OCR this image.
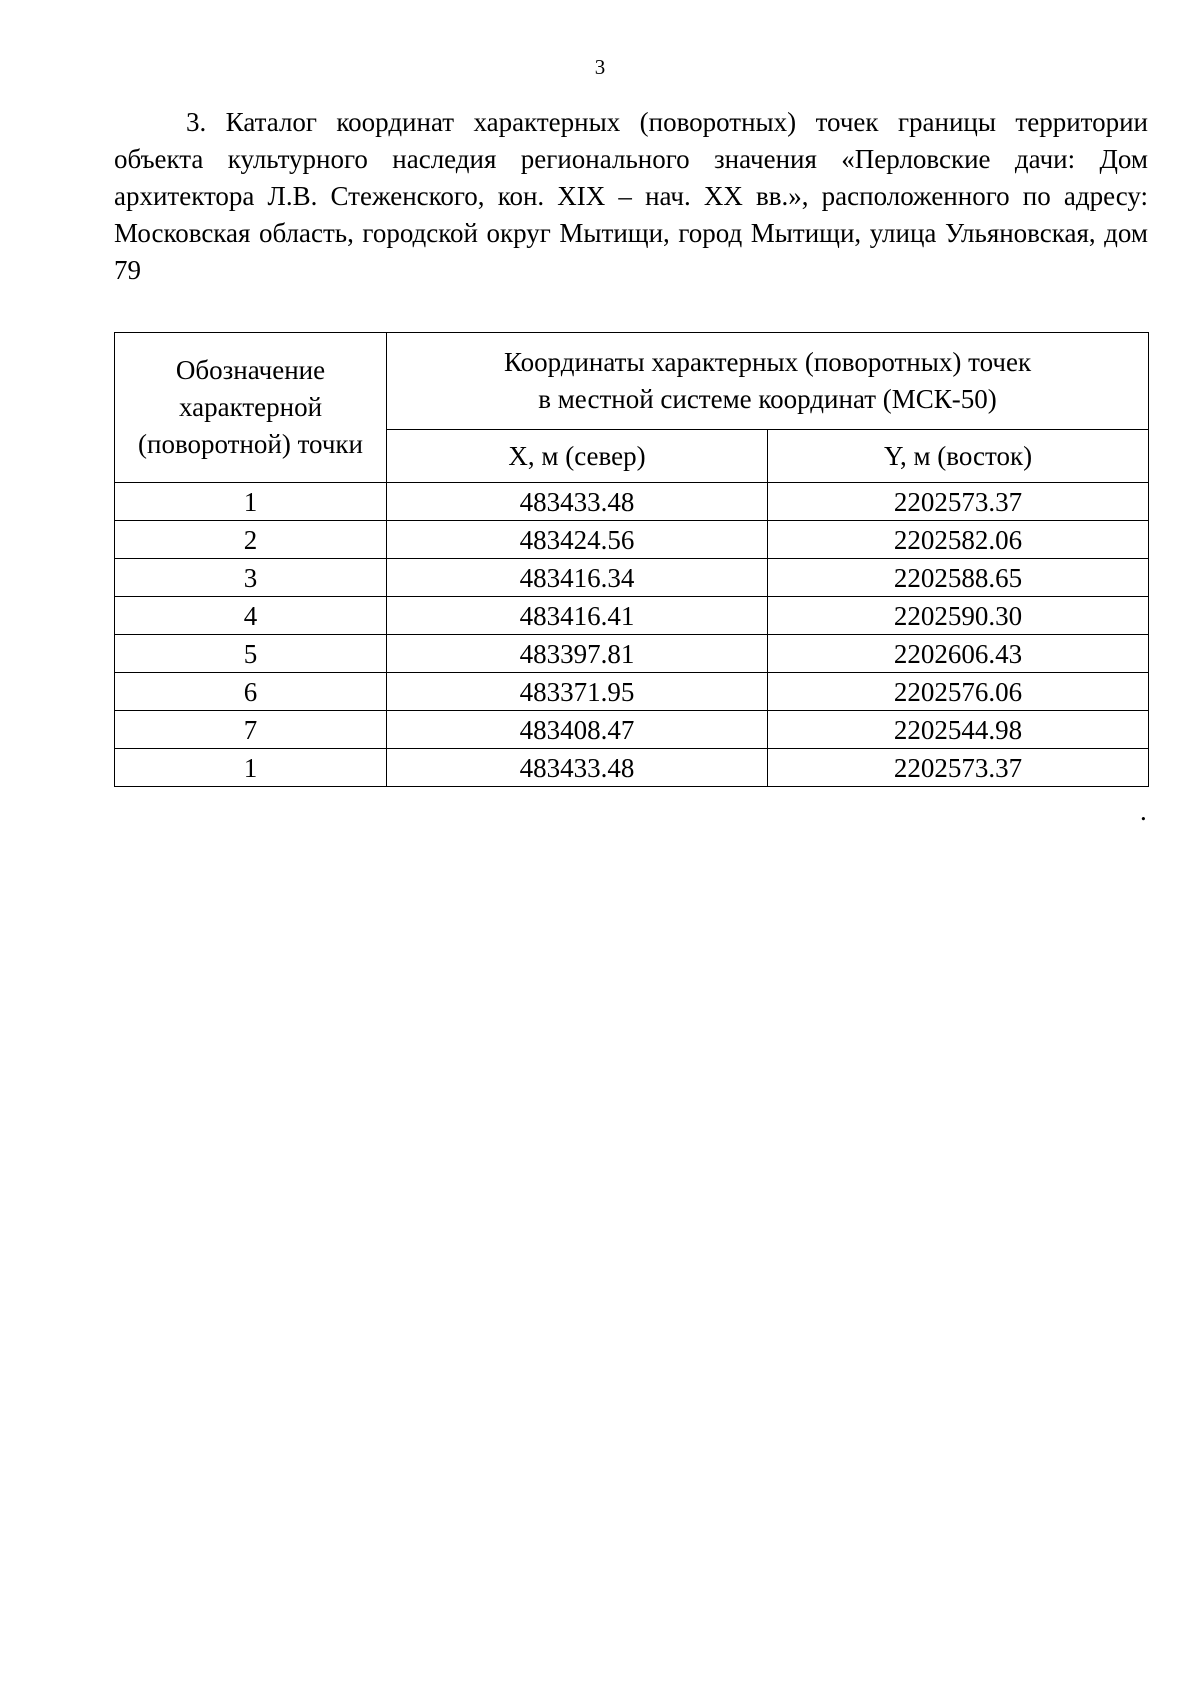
3

3. Каталог координат характерных (поворотных) точек границы территории объекта культурного наследия регионального значения «Перловские дачи: Дом архитектора Л.В. Стеженского, кон. XIX – нач. XX вв.», расположенного по адресу: Московская область, городской округ Мытищи, город Мытищи, улица Ульяновская, дом 79

Обозначение характерной (поворотной) точки	Координаты характерных (поворотных) точек
в местной системе координат (МСК-50)	

	X, м (север)	Y, м (восток)
1	483433.48	2202573.37
2	483424.56	2202582.06
3	483416.34	2202588.65
4	483416.41	2202590.30
5	483397.81	2202606.43
6	483371.95	2202576.06
7	483408.47	2202544.98
1	483433.48	2202573.37
.
